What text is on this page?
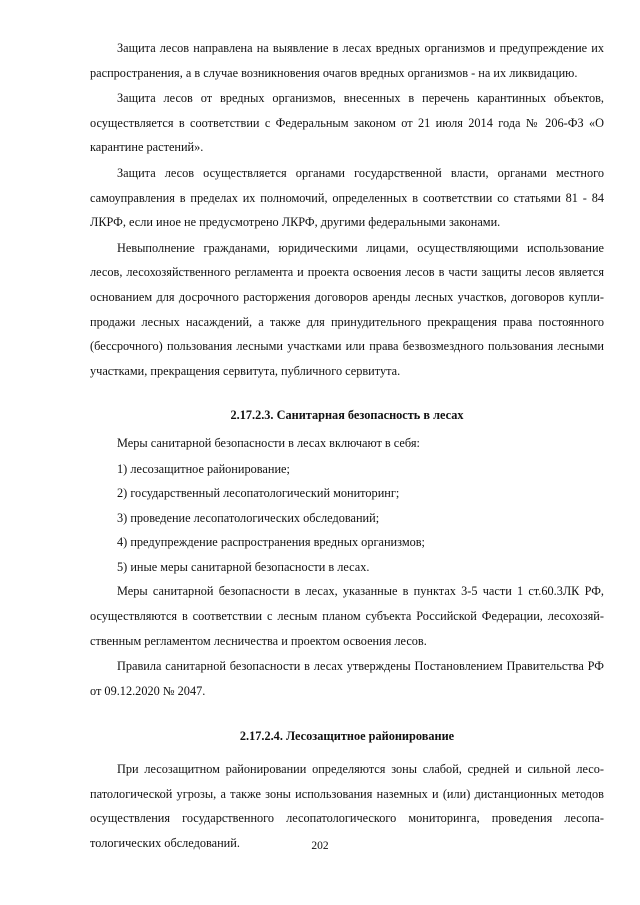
Защита лесов направлена на выявление в лесах вредных организмов и предупреждение их распространения, а в случае возникновения очагов вредных организмов - на их ликвидацию.

Защита лесов от вредных организмов, внесенных в перечень карантинных объектов, осуществляется в соответствии с Федеральным законом от 21 июля 2014 года № 206-ФЗ «О карантине растений».

Защита лесов осуществляется органами государственной власти, органами местного самоуправления в пределах их полномочий, определенных в соответствии со статьями 81 - 84 ЛКРФ, если иное не предусмотрено ЛКРФ, другими федеральными законами.

Невыполнение гражданами, юридическими лицами, осуществляющими использование лесов, лесохозяйственного регламента и проекта освоения лесов в части защиты лесов является основанием для досрочного расторжения договоров аренды лесных участков, договоров купли-продажи лесных насаждений, а также для принудительного прекращения права постоянного (бессрочного) пользования лесными участками или права безвозмездного пользования лесными участками, прекращения сервитута, публичного сервитута.

2.17.2.3. Санитарная безопасность в лесах

Меры санитарной безопасности в лесах включают в себя:

1) лесозащитное районирование;
2) государственный лесопатологический мониторинг;
3) проведение лесопатологических обследований;
4) предупреждение распространения вредных организмов;
5) иные меры санитарной безопасности в лесах.

Меры санитарной безопасности в лесах, указанные в пунктах 3-5 части 1 ст.60.3ЛК РФ, осуществляются в соответствии с лесным планом субъекта Российской Федерации, лесохозяйственным регламентом лесничества и проектом освоения лесов.

Правила санитарной безопасности в лесах утверждены Постановлением Правительства РФ от 09.12.2020 № 2047.

2.17.2.4. Лесозащитное районирование

При лесозащитном районировании определяются зоны слабой, средней и сильной лесопатологической угрозы, а также зоны использования наземных и (или) дистанционных методов осуществления государственного лесопатологического мониторинга, проведения лесопатологических обследований.	202
